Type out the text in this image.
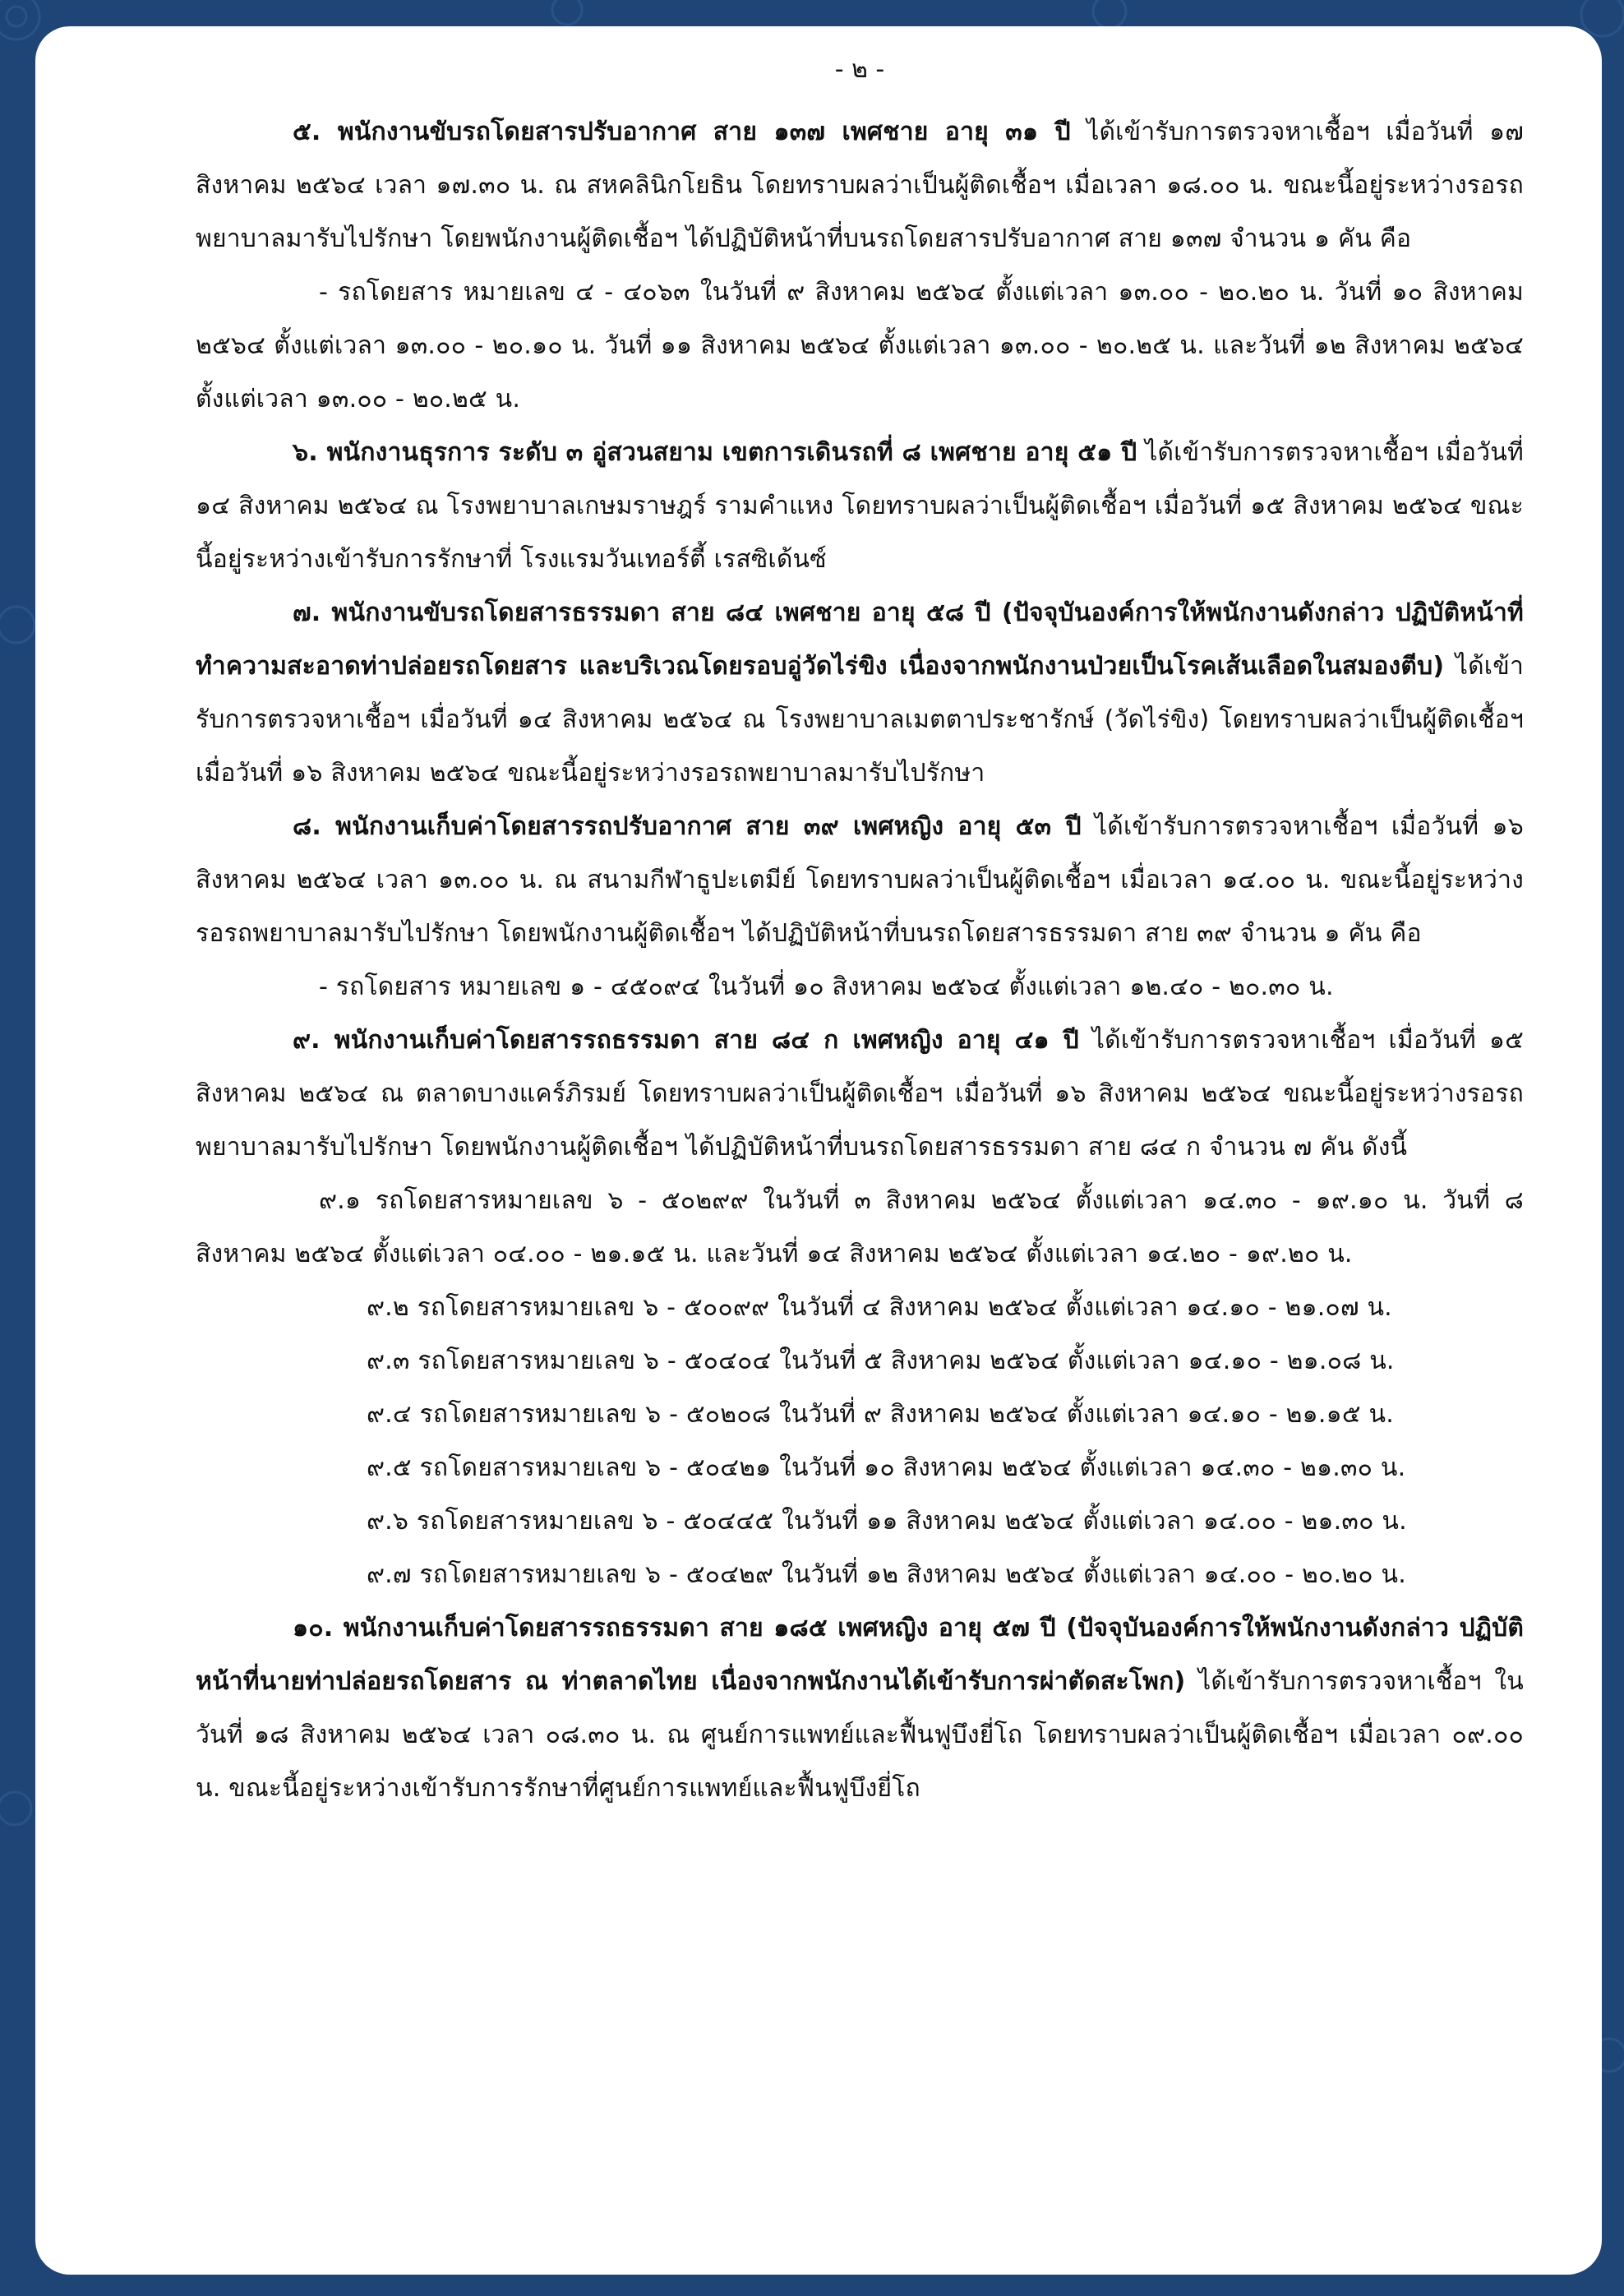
- ๒ -

๕. พนักงานขับรถโดยสารปรับอากาศ สาย ๑๓๗ เพศชาย อายุ ๓๑ ปี ได้เข้ารับการตรวจหาเชื้อฯ เมื่อวันที่ ๑๗ สิงหาคม ๒๕๖๔ เวลา ๑๗.๓๐ น. ณ สหคลินิกโยธิน โดยทราบผลว่าเป็นผู้ติดเชื้อฯ เมื่อเวลา ๑๘.๐๐ น. ขณะนี้อยู่ระหว่างรอรถพยาบาลมารับไปรักษา โดยพนักงานผู้ติดเชื้อฯ ได้ปฏิบัติหน้าที่บนรถโดยสารปรับอากาศ สาย ๑๓๗ จำนวน ๑ คัน คือ

- รถโดยสาร หมายเลข ๔ - ๔๐๖๓ ในวันที่ ๙ สิงหาคม ๒๕๖๔ ตั้งแต่เวลา ๑๓.๐๐ - ๒๐.๒๐ น. วันที่ ๑๐ สิงหาคม ๒๕๖๔ ตั้งแต่เวลา ๑๓.๐๐ - ๒๐.๑๐ น. วันที่ ๑๑ สิงหาคม ๒๕๖๔ ตั้งแต่เวลา ๑๓.๐๐ - ๒๐.๒๕ น. และวันที่ ๑๒ สิงหาคม ๒๕๖๔ ตั้งแต่เวลา ๑๓.๐๐ - ๒๐.๒๕ น.

๖. พนักงานธุรการ ระดับ ๓ อู่สวนสยาม เขตการเดินรถที่ ๘ เพศชาย อายุ ๕๑ ปี ได้เข้ารับการตรวจหาเชื้อฯ เมื่อวันที่ ๑๔ สิงหาคม ๒๕๖๔ ณ โรงพยาบาลเกษมราษฎร์ รามคำแหง โดยทราบผลว่าเป็นผู้ติดเชื้อฯ เมื่อวันที่ ๑๕ สิงหาคม ๒๕๖๔ ขณะนี้อยู่ระหว่างเข้ารับการรักษาที่ โรงแรมวันเทอร์ตี้ เรสซิเด้นซ์

๗. พนักงานขับรถโดยสารธรรมดา สาย ๘๔ เพศชาย อายุ ๕๘ ปี (ปัจจุบันองค์การให้พนักงานดังกล่าว ปฏิบัติหน้าที่ทำความสะอาดท่าปล่อยรถโดยสาร และบริเวณโดยรอบอู่วัดไร่ขิง เนื่องจากพนักงานป่วยเป็นโรคเส้นเลือดในสมองตีบ) ได้เข้ารับการตรวจหาเชื้อฯ เมื่อวันที่ ๑๔ สิงหาคม ๒๕๖๔ ณ โรงพยาบาลเมตตาประชารักษ์ (วัดไร่ขิง) โดยทราบผลว่าเป็นผู้ติดเชื้อฯ เมื่อวันที่ ๑๖ สิงหาคม ๒๕๖๔ ขณะนี้อยู่ระหว่างรอรถพยาบาลมารับไปรักษา

๘. พนักงานเก็บค่าโดยสารรถปรับอากาศ สาย ๓๙ เพศหญิง อายุ ๕๓ ปี ได้เข้ารับการตรวจหาเชื้อฯ เมื่อวันที่ ๑๖ สิงหาคม ๒๕๖๔ เวลา ๑๓.๐๐ น. ณ สนามกีฬาธูปะเตมีย์ โดยทราบผลว่าเป็นผู้ติดเชื้อฯ เมื่อเวลา ๑๔.๐๐ น. ขณะนี้อยู่ระหว่างรอรถพยาบาลมารับไปรักษา โดยพนักงานผู้ติดเชื้อฯ ได้ปฏิบัติหน้าที่บนรถโดยสารธรรมดา สาย ๓๙ จำนวน ๑ คัน คือ

- รถโดยสาร หมายเลข ๑ - ๔๕๐๙๔ ในวันที่ ๑๐ สิงหาคม ๒๕๖๔ ตั้งแต่เวลา ๑๒.๔๐ - ๒๐.๓๐ น.

๙. พนักงานเก็บค่าโดยสารรถธรรมดา สาย ๘๔ ก เพศหญิง อายุ ๔๑ ปี ได้เข้ารับการตรวจหาเชื้อฯ เมื่อวันที่ ๑๕ สิงหาคม ๒๕๖๔ ณ ตลาดบางแคร์ภิรมย์ โดยทราบผลว่าเป็นผู้ติดเชื้อฯ เมื่อวันที่ ๑๖ สิงหาคม ๒๕๖๔ ขณะนี้อยู่ระหว่างรอรถพยาบาลมารับไปรักษา โดยพนักงานผู้ติดเชื้อฯ ได้ปฏิบัติหน้าที่บนรถโดยสารธรรมดา สาย ๘๔ ก จำนวน ๗ คัน ดังนี้

๙.๑ รถโดยสารหมายเลข ๖ - ๕๐๒๙๙ ในวันที่ ๓ สิงหาคม ๒๕๖๔ ตั้งแต่เวลา ๑๔.๓๐ - ๑๙.๑๐ น. วันที่ ๘ สิงหาคม ๒๕๖๔ ตั้งแต่เวลา ๐๔.๐๐ - ๒๑.๑๕ น. และวันที่ ๑๔ สิงหาคม ๒๕๖๔ ตั้งแต่เวลา ๑๔.๒๐ - ๑๙.๒๐ น.

๙.๒ รถโดยสารหมายเลข ๖ - ๕๐๐๙๙ ในวันที่ ๔ สิงหาคม ๒๕๖๔ ตั้งแต่เวลา ๑๔.๑๐ - ๒๑.๐๗ น.

๙.๓ รถโดยสารหมายเลข ๖ - ๕๐๔๐๔ ในวันที่ ๕ สิงหาคม ๒๕๖๔ ตั้งแต่เวลา ๑๔.๑๐ - ๒๑.๐๘ น.

๙.๔ รถโดยสารหมายเลข ๖ - ๕๐๒๐๘ ในวันที่ ๙ สิงหาคม ๒๕๖๔ ตั้งแต่เวลา ๑๔.๑๐ - ๒๑.๑๕ น.

๙.๕ รถโดยสารหมายเลข ๖ - ๕๐๔๒๑ ในวันที่ ๑๐ สิงหาคม ๒๕๖๔ ตั้งแต่เวลา ๑๔.๓๐ - ๒๑.๓๐ น.

๙.๖ รถโดยสารหมายเลข ๖ - ๕๐๔๔๕ ในวันที่ ๑๑ สิงหาคม ๒๕๖๔ ตั้งแต่เวลา ๑๔.๐๐ - ๒๑.๓๐ น.

๙.๗ รถโดยสารหมายเลข ๖ - ๕๐๔๒๙ ในวันที่ ๑๒ สิงหาคม ๒๕๖๔ ตั้งแต่เวลา ๑๔.๐๐ - ๒๐.๒๐ น.

๑๐. พนักงานเก็บค่าโดยสารรถธรรมดา สาย ๑๘๕ เพศหญิง อายุ ๕๗ ปี (ปัจจุบันองค์การให้พนักงานดังกล่าว ปฏิบัติหน้าที่นายท่าปล่อยรถโดยสาร ณ ท่าตลาดไทย เนื่องจากพนักงานได้เข้ารับการผ่าตัดสะโพก) ได้เข้ารับการตรวจหาเชื้อฯ ในวันที่ ๑๘ สิงหาคม ๒๕๖๔ เวลา ๐๘.๓๐ น. ณ ศูนย์การแพทย์และฟื้นฟูบึงยี่โถ โดยทราบผลว่าเป็นผู้ติดเชื้อฯ เมื่อเวลา ๐๙.๐๐ น. ขณะนี้อยู่ระหว่างเข้ารับการรักษาที่ศูนย์การแพทย์และฟื้นฟูบึงยี่โถ
